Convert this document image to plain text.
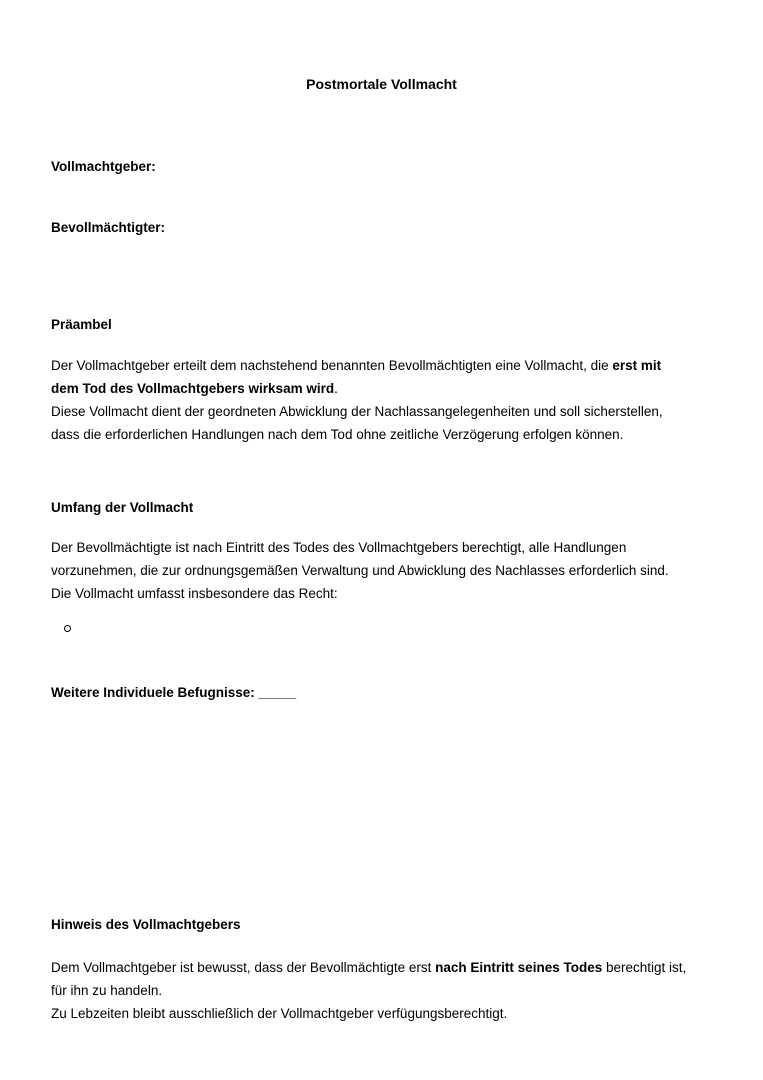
Postmortale Vollmacht
Vollmachtgeber:
Bevollmächtigter:
Präambel
Der Vollmachtgeber erteilt dem nachstehend benannten Bevollmächtigten eine Vollmacht, die erst mit
dem Tod des Vollmachtgebers wirksam wird.
Diese Vollmacht dient der geordneten Abwicklung der Nachlassangelegenheiten und soll sicherstellen,
dass die erforderlichen Handlungen nach dem Tod ohne zeitliche Verzögerung erfolgen können.
Umfang der Vollmacht
Der Bevollmächtigte ist nach Eintritt des Todes des Vollmachtgebers berechtigt, alle Handlungen
vorzunehmen, die zur ordnungsgemäßen Verwaltung und Abwicklung des Nachlasses erforderlich sind.
Die Vollmacht umfasst insbesondere das Recht:
Weitere Individuele Befugnisse: _____
Hinweis des Vollmachtgebers
Dem Vollmachtgeber ist bewusst, dass der Bevollmächtigte erst nach Eintritt seines Todes berechtigt ist,
für ihn zu handeln.
Zu Lebzeiten bleibt ausschließlich der Vollmachtgeber verfügungsberechtigt.
